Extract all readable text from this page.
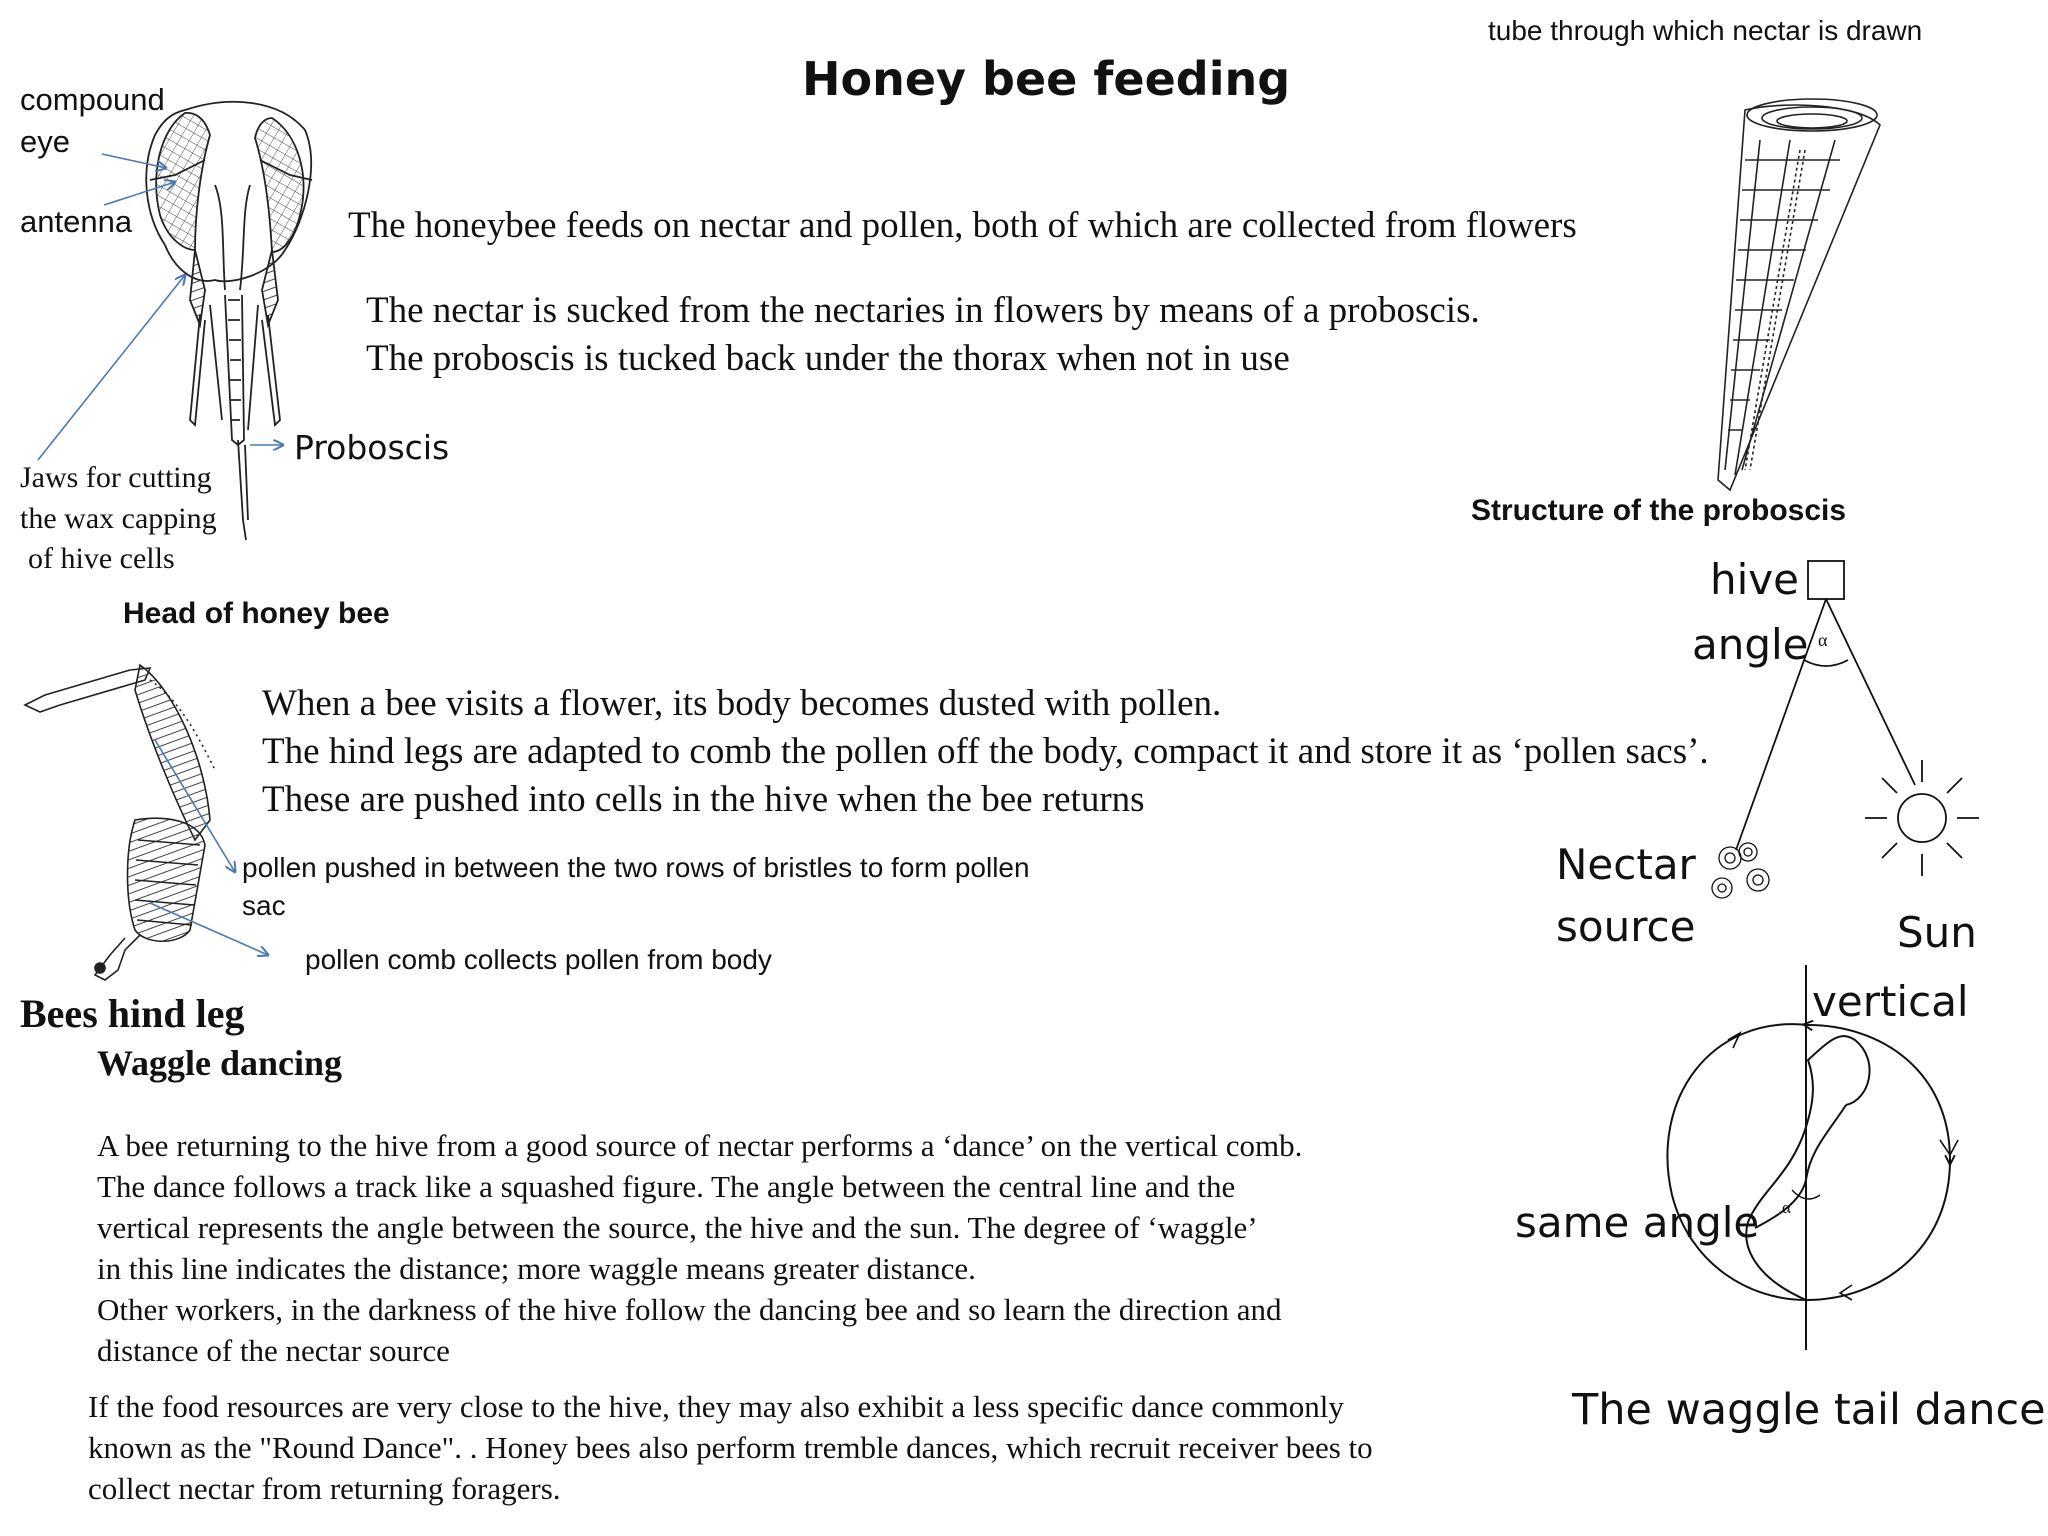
Honey bee feeding
compound
eye
antenna
Proboscis
Jaws for cutting
the wax capping
of hive cells
Head of honey bee
tube through which nectar is drawn
Structure of the proboscis
The honeybee feeds on nectar and pollen, both of which are collected from flowers
The nectar is sucked from the nectaries in flowers by means of a proboscis.
The proboscis is tucked back under the thorax when not in use
hive
angle α
When a bee visits a flower, its body becomes dusted with pollen.
The hind legs are adapted to comb the pollen off the body, compact it and store it as ‘pollen sacs’.
These are pushed into cells in the hive when the bee returns
pollen pushed in between the two rows of bristles to form pollen
sac
pollen comb collects pollen from body
Nectar
source	Sun
vertical
Bees hind leg
Waggle dancing
A bee returning to the hive from a good source of nectar performs a ‘dance’ on the vertical comb.
The dance follows a track like a squashed figure. The angle between the central line and the
vertical represents the angle between the source, the hive and the sun. The degree of ‘waggle’
in this line indicates the distance; more waggle means greater distance.
Other workers, in the darkness of the hive follow the dancing bee and so learn the direction and
distance of the nectar source
same angle α
If the food resources are very close to the hive, they may also exhibit a less specific dance commonly
known as the "Round Dance". . Honey bees also perform tremble dances, which recruit receiver bees to
collect nectar from returning foragers.
The waggle tail dance
